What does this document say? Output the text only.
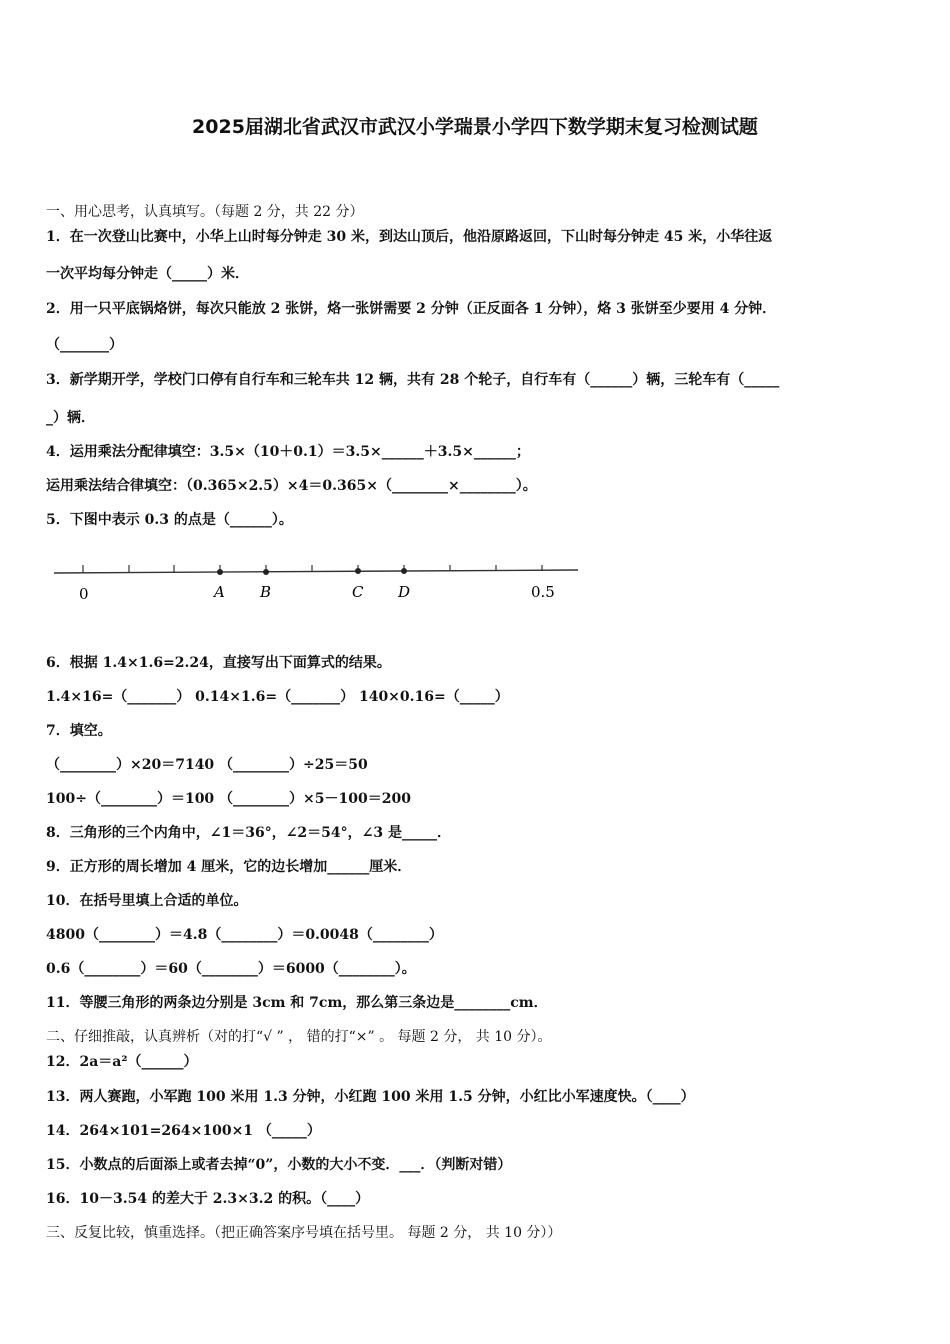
2025届湖北省武汉市武汉小学瑞景小学四下数学期末复习检测试题
一、用心思考，认真填写。（每题 2 分，共 22 分）
1．在一次登山比赛中，小华上山时每分钟走 30 米，到达山顶后，他沿原路返回，下山时每分钟走 45 米，小华往返
一次平均每分钟走（_____）米．
2．用一只平底锅烙饼，每次只能放 2 张饼，烙一张饼需要 2 分钟（正反面各 1 分钟），烙 3 张饼至少要用 4 分钟．
（_______）
3．新学期开学，学校门口停有自行车和三轮车共 12 辆，共有 28 个轮子，自行车有（______）辆，三轮车有（_____
_）辆．
4．运用乘法分配律填空：3.5×（10＋0.1）＝3.5×______＋3.5×______；
运用乘法结合律填空：（0.365×2.5）×4＝0.365×（________×________）。
5．下图中表示 0.3 的点是（______）。
0	A B	C D	0.5
6．根据 1.4×1.6=2.24，直接写出下面算式的结果。
1.4×16=（_______） 0.14×1.6=（_______） 140×0.16=（_____）
7．填空。
（________）×20＝7140 （________）÷25＝50
100÷（________）＝100 （________）×5－100＝200
8．三角形的三个内角中，∠1＝36°，∠2＝54°，∠3 是_____．
9．正方形的周长增加 4 厘米，它的边长增加______厘米．
10．在括号里填上合适的单位。
4800（________）＝4.8（________）＝0.0048（________）
0.6（________）＝60（________）＝6000（________）。
11．等腰三角形的两条边分别是 3cm 和 7cm，那么第三条边是________cm．
二、仔细推敲，认真辨析（对的打“√ ” ， 错的打“×” 。 每题 2 分， 共 10 分）。
12．2a＝a²（______）
13．两人赛跑，小军跑 100 米用 1.3 分钟，小红跑 100 米用 1.5 分钟，小红比小军速度快。（____）
14．264×101=264×100×1 （_____）
15．小数点的后面添上或者去掉“0”，小数的大小不变．___．（判断对错）
16．10－3.54 的差大于 2.3×3.2 的积。（____）
三、反复比较，慎重选择。（把正确答案序号填在括号里。 每题 2 分， 共 10 分））
